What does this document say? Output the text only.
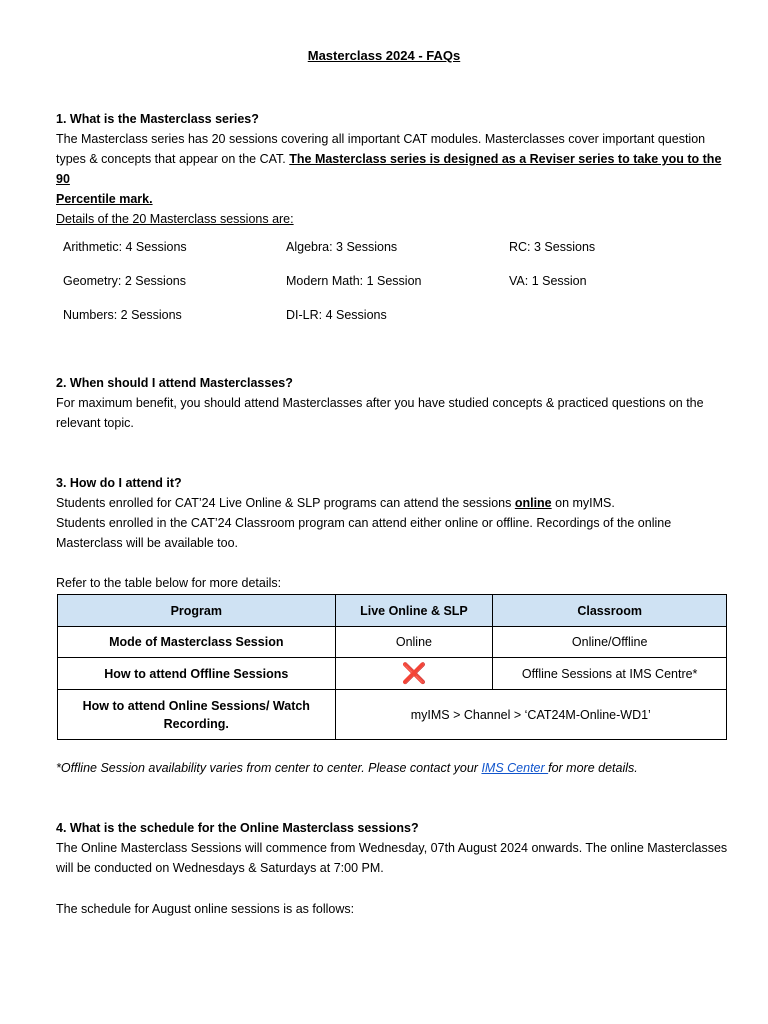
Masterclass 2024 - FAQs
1. What is the Masterclass series?
The Masterclass series has 20 sessions covering all important CAT modules. Masterclasses cover important question
types & concepts that appear on the CAT. The Masterclass series is designed as a Reviser series to take you to the 90
Percentile mark.
Details of the 20 Masterclass sessions are:
Arithmetic: 4 Sessions	Algebra: 3 Sessions	RC: 3 Sessions
Geometry: 2 Sessions	Modern Math: 1 Session	VA: 1 Session
Numbers: 2 Sessions	DI-LR: 4 Sessions
2. When should I attend Masterclasses?
For maximum benefit, you should attend Masterclasses after you have studied concepts & practiced questions on the
relevant topic.
3. How do I attend it?
Students enrolled for CAT’24 Live Online & SLP programs can attend the sessions online on myIMS.
Students enrolled in the CAT’24 Classroom program can attend either online or offline. Recordings of the online
Masterclass will be available too.
Refer to the table below for more details:
Program	Live Online & SLP	Classroom
Mode of Masterclass Session	Online	Online/Offline
How to attend Offline Sessions	❌	Offline Sessions at IMS Centre*
How to attend Online Sessions/ Watch Recording.	myIMS > Channel > ‘CAT24M-Online-WD1’	
*Offline Session availability varies from center to center. Please contact your IMS Center for more details.
4. What is the schedule for the Online Masterclass sessions?
The Online Masterclass Sessions will commence from Wednesday, 07th August 2024 onwards. The online Masterclasses
will be conducted on Wednesdays & Saturdays at 7:00 PM.
The schedule for August online sessions is as follows:
